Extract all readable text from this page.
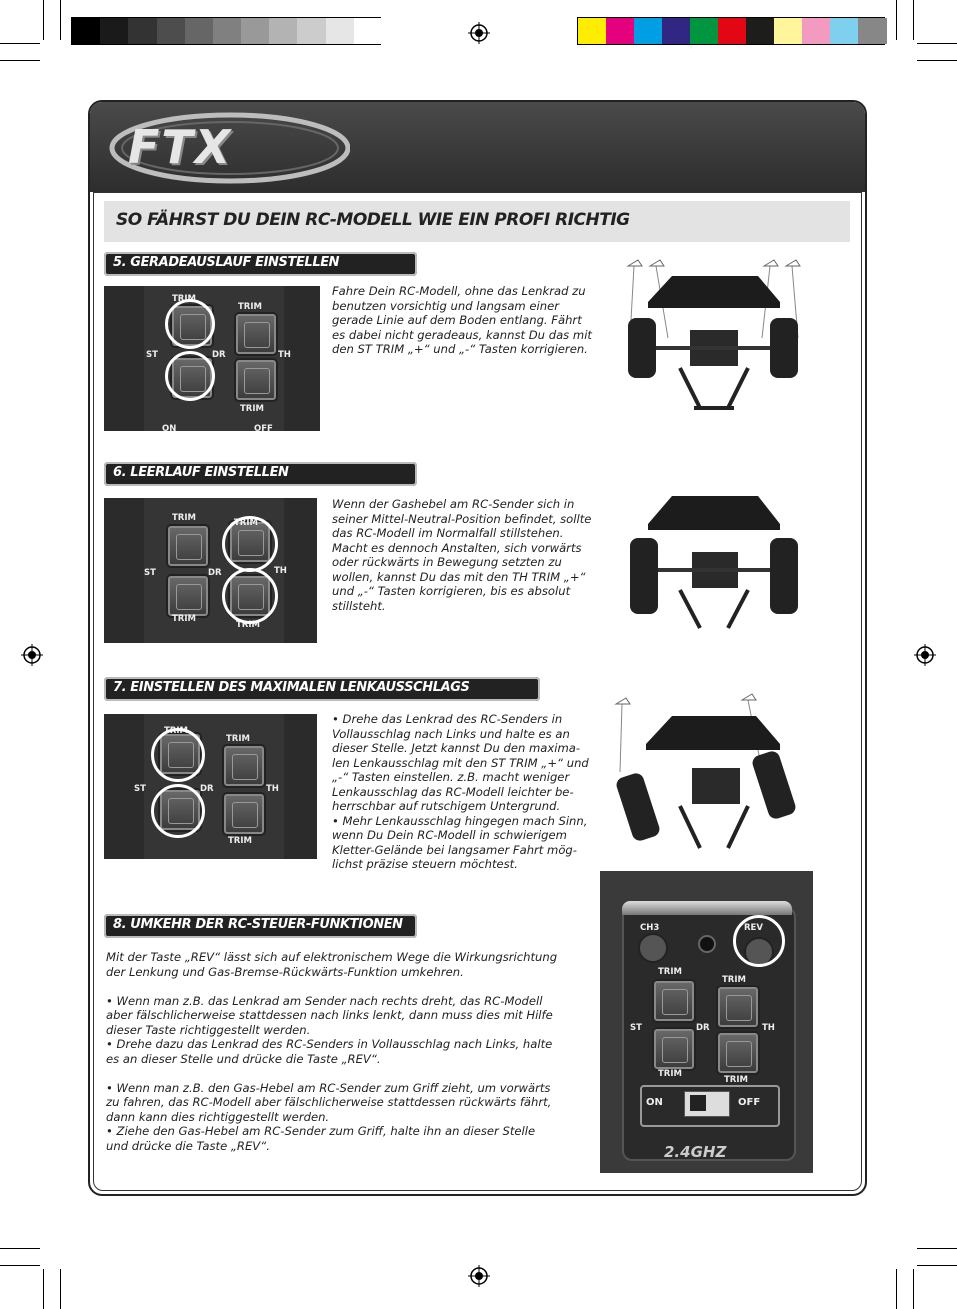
FTX
SO FÄHRST DU DEIN RC-MODELL WIE EIN PROFI RICHTIG
5. GERADEAUSLAUF EINSTELLEN
6. LEERLAUF EINSTELLEN
7. EINSTELLEN DES MAXIMALEN LENKAUSSCHLAGS
8. UMKEHR DER RC-STEUER-FUNKTIONEN

Fahre Dein RC-Modell, ohne das Lenkrad zu

benutzen vorsichtig und langsam einer

gerade Linie auf dem Boden entlang. Fährt

es dabei nicht geradeaus, kannst Du das mit

den ST TRIM „+“ und „-“ Tasten korrigieren.

Wenn der Gashebel am RC-Sender sich in

seiner Mittel-Neutral-Position befindet, sollte

das RC-Modell im Normalfall stillstehen.

Macht es dennoch Anstalten, sich vorwärts

oder rückwärts in Bewegung setzten zu

wollen, kannst Du das mit den TH TRIM „+“

und „-“ Tasten korrigieren, bis es absolut

stillsteht.

• Drehe das Lenkrad des RC-Senders in

Vollausschlag nach Links und halte es an

dieser Stelle. Jetzt kannst Du den maxima-

len Lenkausschlag mit den ST TRIM „+“ und

„-“ Tasten einstellen. z.B. macht weniger

Lenkausschlag das RC-Modell leichter be-

herrschbar auf rutschigem Untergrund.

• Mehr Lenkausschlag hingegen mach Sinn,

wenn Du Dein RC-Modell in schwierigem

Kletter-Gelände bei langsamer Fahrt mög-

lichst präzise steuern möchtest.

Mit der Taste „REV“ lässt sich auf elektronischem Wege die Wirkungsrichtung

der Lenkung und Gas-Bremse-Rückwärts-Funktion umkehren.

• Wenn man z.B. das Lenkrad am Sender nach rechts dreht, das RC-Modell

aber fälschlicherweise stattdessen nach links lenkt, dann muss dies mit Hilfe

dieser Taste richtiggestellt werden.

• Drehe dazu das Lenkrad des RC-Senders in Vollausschlag nach Links, halte

es an dieser Stelle und drücke die Taste „REV“.

• Wenn man z.B. den Gas-Hebel am RC-Sender zum Griff zieht, um vorwärts

zu fahren, das RC-Modell aber fälschlicherweise stattdessen rückwärts fährt,

dann kann dies richtiggestellt werden.

• Ziehe den Gas-Hebel am RC-Sender zum Griff, halte ihn an dieser Stelle

und drücke die Taste „REV“.

TRIM
TRIM
ST	DR	TH
TRIM
ON	OFF
TRIM	TRIM
ST	DR	TH
TRIM
TRIM
TRIM
TRIM
ST	DR	TH
TRIM
CH3	REV
TRIM
TRIM
ST	DR	TH
TRIM
TRIM
ON	OFF
2.4GHZ
